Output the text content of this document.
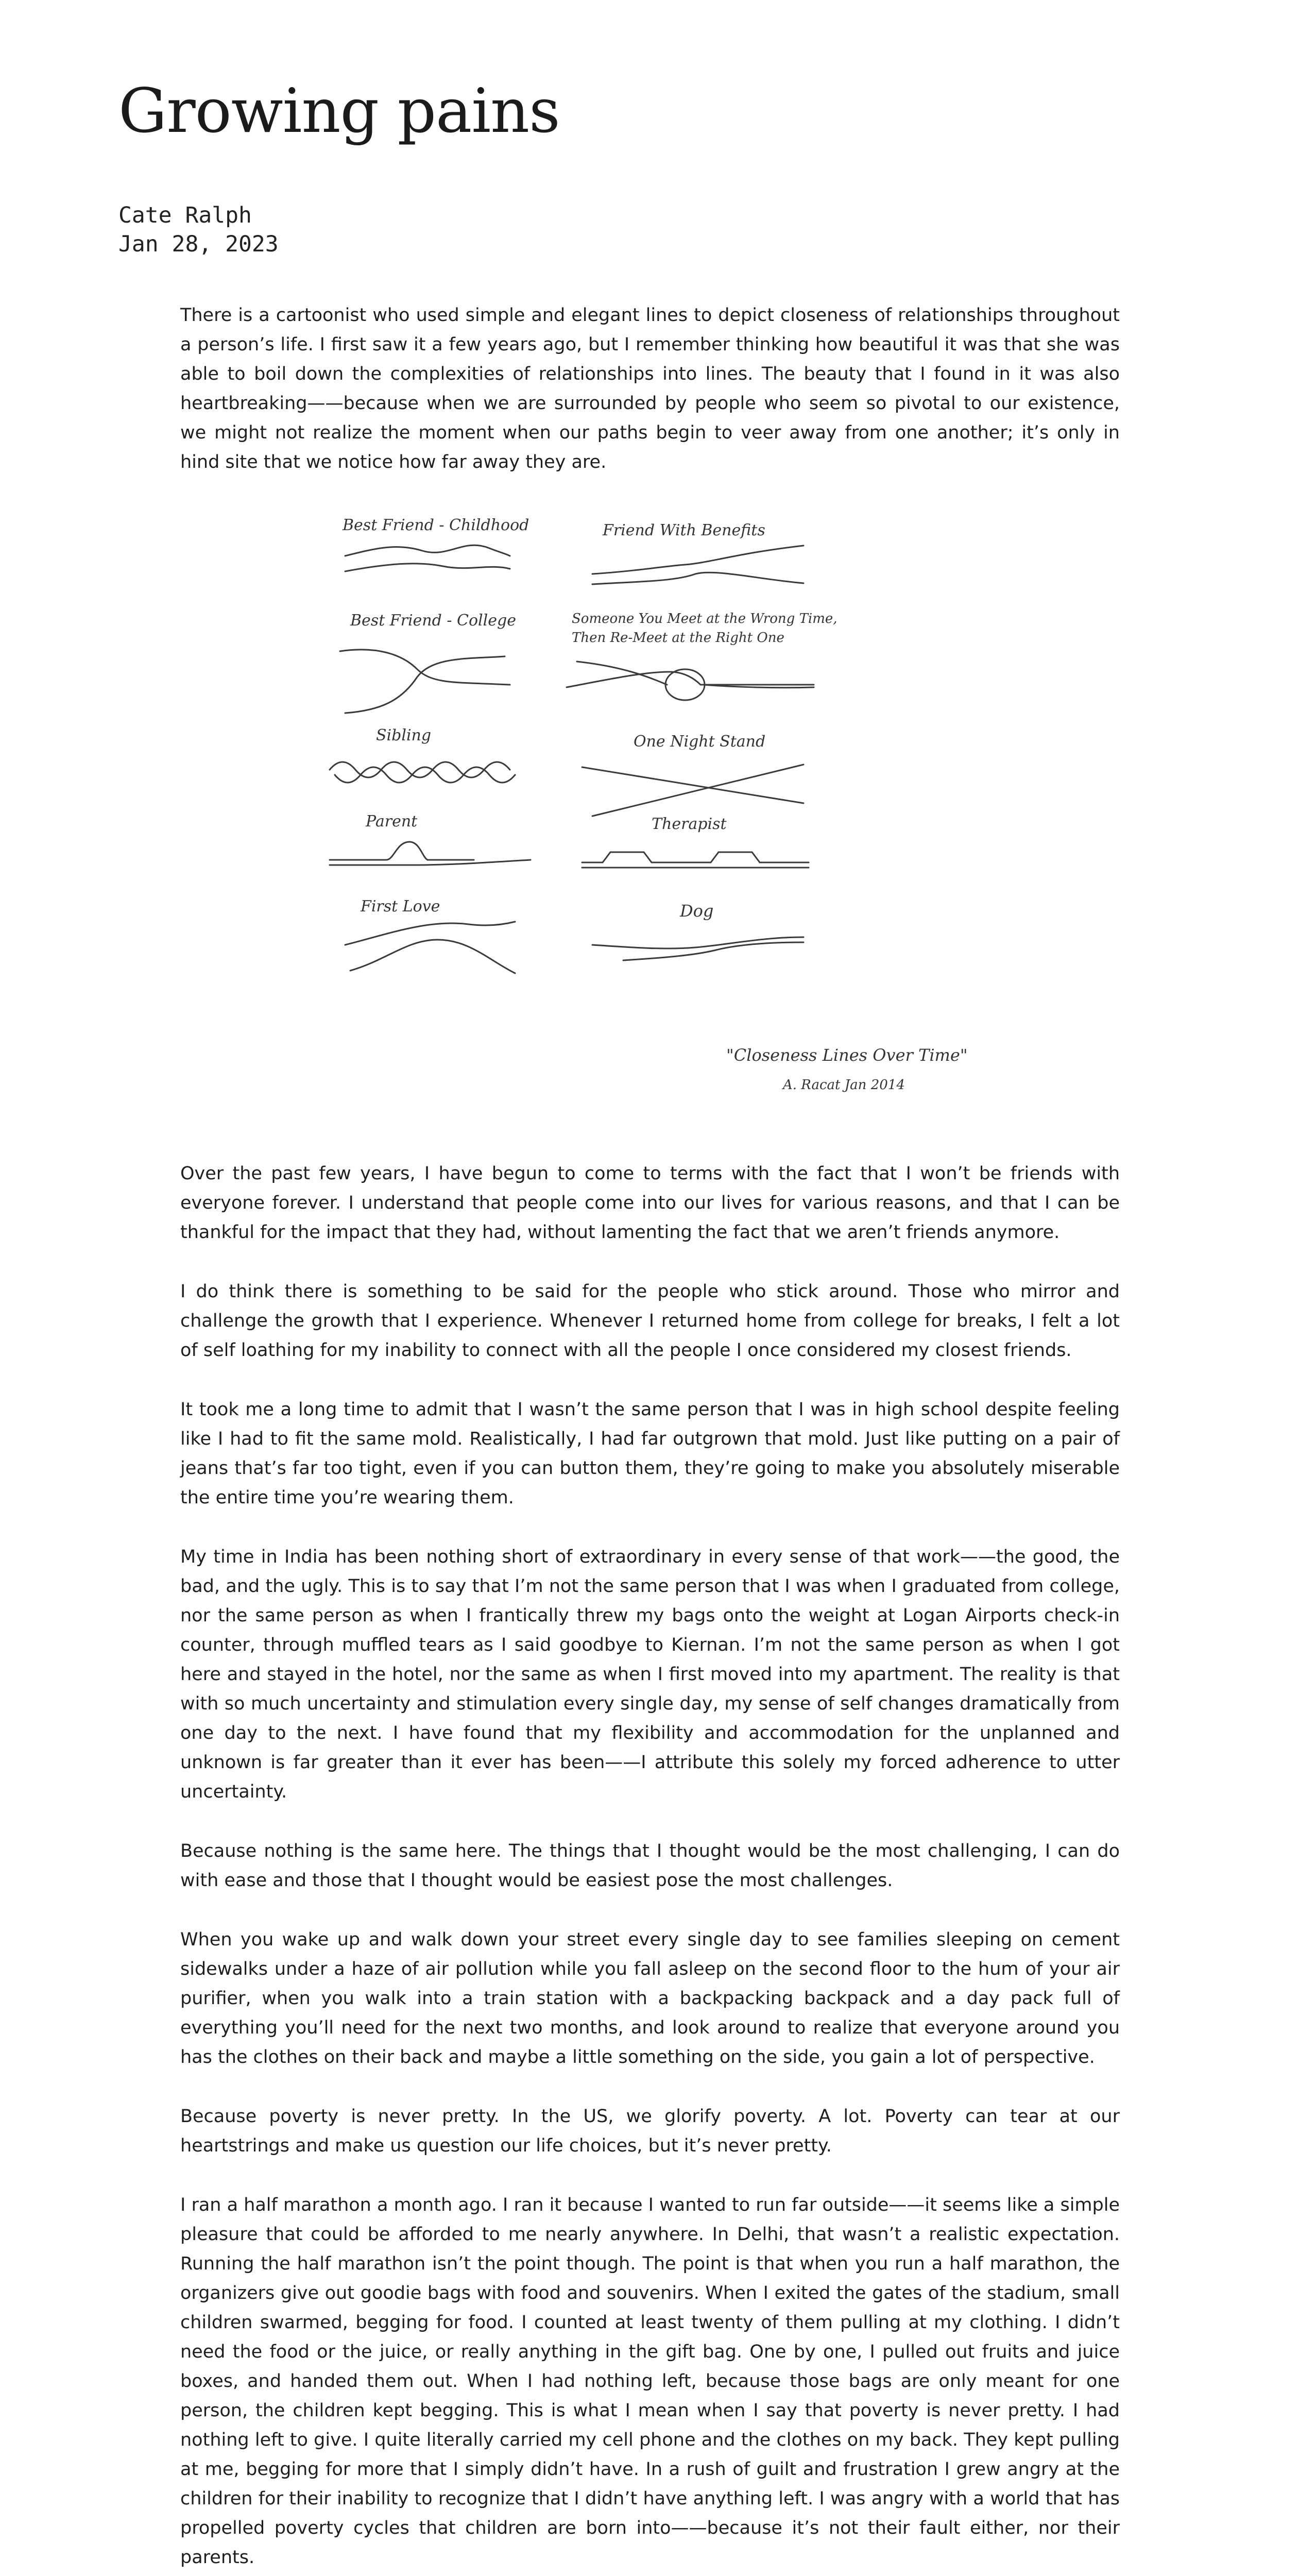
Growing pains
Cate Ralph
Jan 28, 2023

There is a cartoonist who used simple and elegant lines to depict closeness of relationships throughout a person’s life. I first saw it a few years ago, but I remember thinking how beautiful it was that she was able to boil down the complexities of relationships into lines. The beauty that I found in it was also heartbreaking——because when we are surrounded by people who seem so pivotal to our existence, we might not realize the moment when our paths begin to veer away from one another; it’s only in hind site that we notice how far away they are.

Best Friend - Childhood
Best Friend - College
Sibling
Parent
First Love
Friend With Benefits
Someone You Meet at the Wrong Time,
Then Re-Meet at the Right One
One Night Stand
Therapist
Dog
"Closeness Lines Over Time"
A. Racat Jan 2014

Over the past few years, I have begun to come to terms with the fact that I won’t be friends with everyone forever. I understand that people come into our lives for various reasons, and that I can be thankful for the impact that they had, without lamenting the fact that we aren’t friends anymore.

I do think there is something to be said for the people who stick around. Those who mirror and challenge the growth that I experience. Whenever I returned home from college for breaks, I felt a lot of self loathing for my inability to connect with all the people I once considered my closest friends.

It took me a long time to admit that I wasn’t the same person that I was in high school despite feeling like I had to fit the same mold. Realistically, I had far outgrown that mold. Just like putting on a pair of jeans that’s far too tight, even if you can button them, they’re going to make you absolutely miserable the entire time you’re wearing them.

My time in India has been nothing short of extraordinary in every sense of that work——the good, the bad, and the ugly. This is to say that I’m not the same person that I was when I graduated from college, nor the same person as when I frantically threw my bags onto the weight at Logan Airports check-in counter, through muffled tears as I said goodbye to Kiernan. I’m not the same person as when I got here and stayed in the hotel, nor the same as when I first moved into my apartment. The reality is that with so much uncertainty and stimulation every single day, my sense of self changes dramatically from one day to the next. I have found that my flexibility and accommodation for the unplanned and unknown is far greater than it ever has been——I attribute this solely my forced adherence to utter uncertainty.

Because nothing is the same here. The things that I thought would be the most challenging, I can do with ease and those that I thought would be easiest pose the most challenges.

When you wake up and walk down your street every single day to see families sleeping on cement sidewalks under a haze of air pollution while you fall asleep on the second floor to the hum of your air purifier, when you walk into a train station with a backpacking backpack and a day pack full of everything you’ll need for the next two months, and look around to realize that everyone around you has the clothes on their back and maybe a little something on the side, you gain a lot of perspective.

Because poverty is never pretty. In the US, we glorify poverty. A lot. Poverty can tear at our heartstrings and make us question our life choices, but it’s never pretty.

I ran a half marathon a month ago. I ran it because I wanted to run far outside——it seems like a simple pleasure that could be afforded to me nearly anywhere. In Delhi, that wasn’t a realistic expectation. Running the half marathon isn’t the point though. The point is that when you run a half marathon, the organizers give out goodie bags with food and souvenirs. When I exited the gates of the stadium, small children swarmed, begging for food. I counted at least twenty of them pulling at my clothing. I didn’t need the food or the juice, or really anything in the gift bag. One by one, I pulled out fruits and juice boxes, and handed them out. When I had nothing left, because those bags are only meant for one person, the children kept begging. This is what I mean when I say that poverty is never pretty. I had nothing left to give. I quite literally carried my cell phone and the clothes on my back. They kept pulling at me, begging for more that I simply didn’t have. In a rush of guilt and frustration I grew angry at the children for their inability to recognize that I didn’t have anything left. I was angry with a world that has propelled poverty cycles that children are born into——because it’s not their fault either, nor their parents.
